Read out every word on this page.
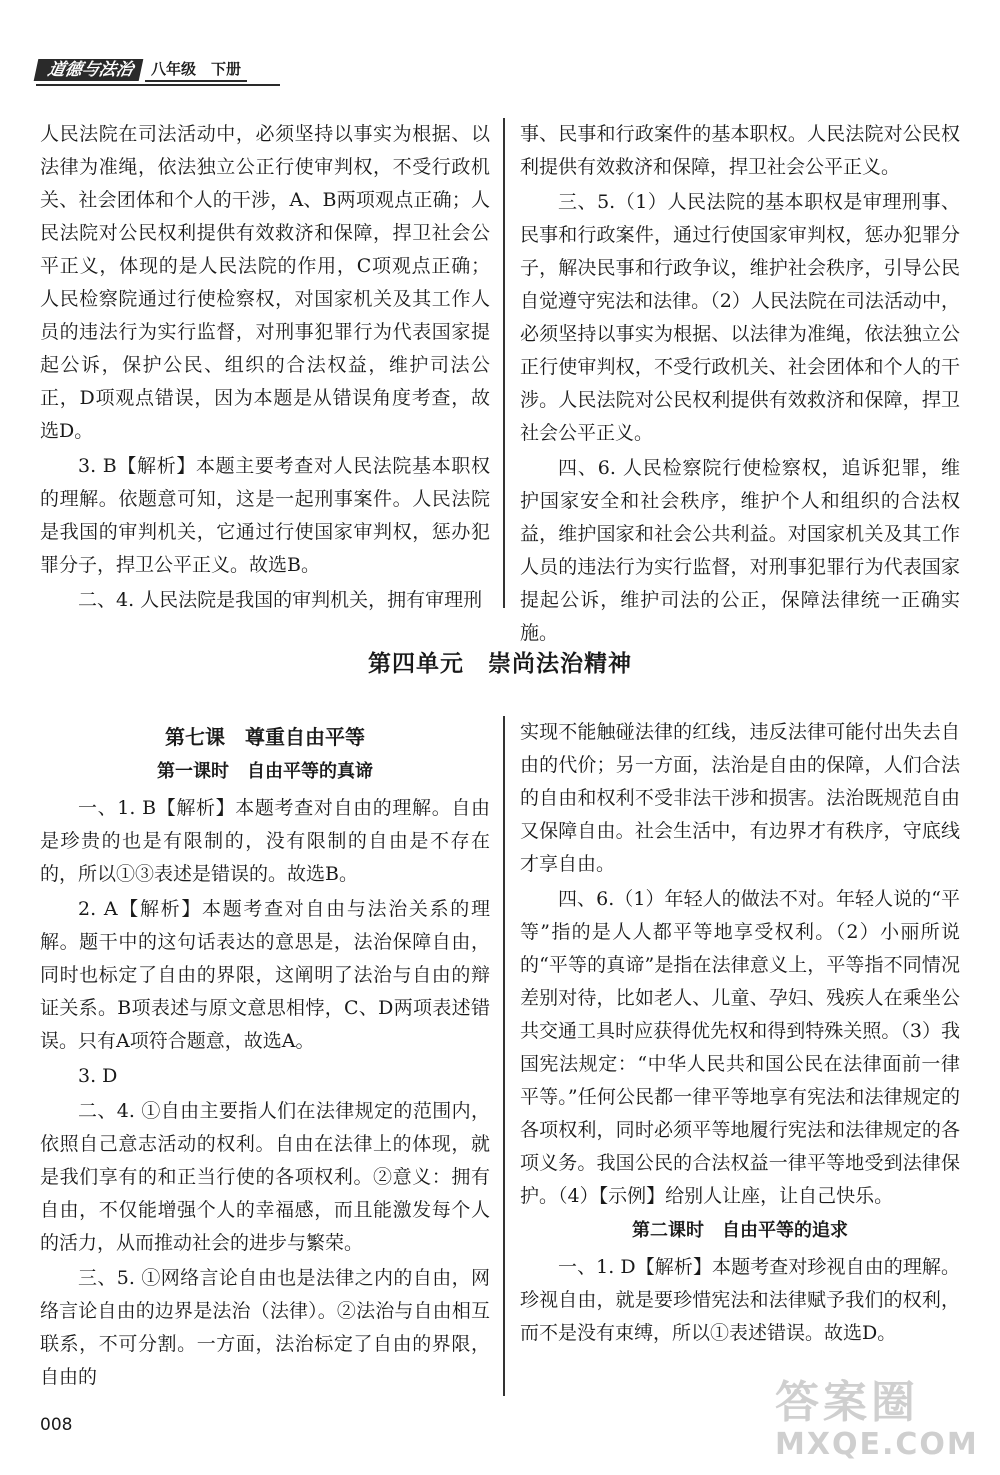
道德与法治	八年级　下册

人民法院在司法活动中，必须坚持以事实为根据、以法律为准绳，依法独立公正行使审判权，不受行政机关、社会团体和个人的干涉，A、B两项观点正确；人民法院对公民权利提供有效救济和保障，捍卫社会公平正义，体现的是人民法院的作用，C项观点正确；人民检察院通过行使检察权，对国家机关及其工作人员的违法行为实行监督，对刑事犯罪行为代表国家提起公诉，保护公民、组织的合法权益，维护司法公正，D项观点错误，因为本题是从错误角度考查，故选D。

3. B【解析】本题主要考查对人民法院基本职权的理解。依题意可知，这是一起刑事案件。人民法院是我国的审判机关，它通过行使国家审判权，惩办犯罪分子，捍卫公平正义。故选B。

二、4. 人民法院是我国的审判机关，拥有审理刑

事、民事和行政案件的基本职权。人民法院对公民权利提供有效救济和保障，捍卫社会公平正义。

三、5.（1）人民法院的基本职权是审理刑事、民事和行政案件，通过行使国家审判权，惩办犯罪分子，解决民事和行政争议，维护社会秩序，引导公民自觉遵守宪法和法律。（2）人民法院在司法活动中，必须坚持以事实为根据、以法律为准绳，依法独立公正行使审判权，不受行政机关、社会团体和个人的干涉。人民法院对公民权利提供有效救济和保障，捍卫社会公平正义。

四、6. 人民检察院行使检察权，追诉犯罪，维护国家安全和社会秩序，维护个人和组织的合法权益，维护国家和社会公共利益。对国家机关及其工作人员的违法行为实行监督，对刑事犯罪行为代表国家提起公诉，维护司法的公正，保障法律统一正确实施。

第四单元　崇尚法治精神

第七课　尊重自由平等

第一课时　自由平等的真谛

一、1. B【解析】本题考查对自由的理解。自由是珍贵的也是有限制的，没有限制的自由是不存在的，所以①③表述是错误的。故选B。

2. A【解析】本题考查对自由与法治关系的理解。题干中的这句话表达的意思是，法治保障自由，同时也标定了自由的界限，这阐明了法治与自由的辩证关系。B项表述与原文意思相悖，C、D两项表述错误。只有A项符合题意，故选A。

3. D

二、4. ①自由主要指人们在法律规定的范围内，依照自己意志活动的权利。自由在法律上的体现，就是我们享有的和正当行使的各项权利。②意义：拥有自由，不仅能增强个人的幸福感，而且能激发每个人的活力，从而推动社会的进步与繁荣。

三、5. ①网络言论自由也是法律之内的自由，网络言论自由的边界是法治（法律）。②法治与自由相互联系，不可分割。一方面，法治标定了自由的界限，自由的

实现不能触碰法律的红线，违反法律可能付出失去自由的代价；另一方面，法治是自由的保障，人们合法的自由和权利不受非法干涉和损害。法治既规范自由又保障自由。社会生活中，有边界才有秩序，守底线才享自由。

四、6.（1）年轻人的做法不对。年轻人说的“平等”指的是人人都平等地享受权利。（2）小丽所说的“平等的真谛”是指在法律意义上，平等指不同情况差别对待，比如老人、儿童、孕妇、残疾人在乘坐公共交通工具时应获得优先权和得到特殊关照。（3）我国宪法规定：“中华人民共和国公民在法律面前一律平等。”任何公民都一律平等地享有宪法和法律规定的各项权利，同时必须平等地履行宪法和法律规定的各项义务。我国公民的合法权益一律平等地受到法律保护。（4）【示例】给别人让座，让自己快乐。

第二课时　自由平等的追求

一、1. D【解析】本题考查对珍视自由的理解。珍视自由，就是要珍惜宪法和法律赋予我们的权利，而不是没有束缚，所以①表述错误。故选D。

008	答案圈
MXQE.COM
